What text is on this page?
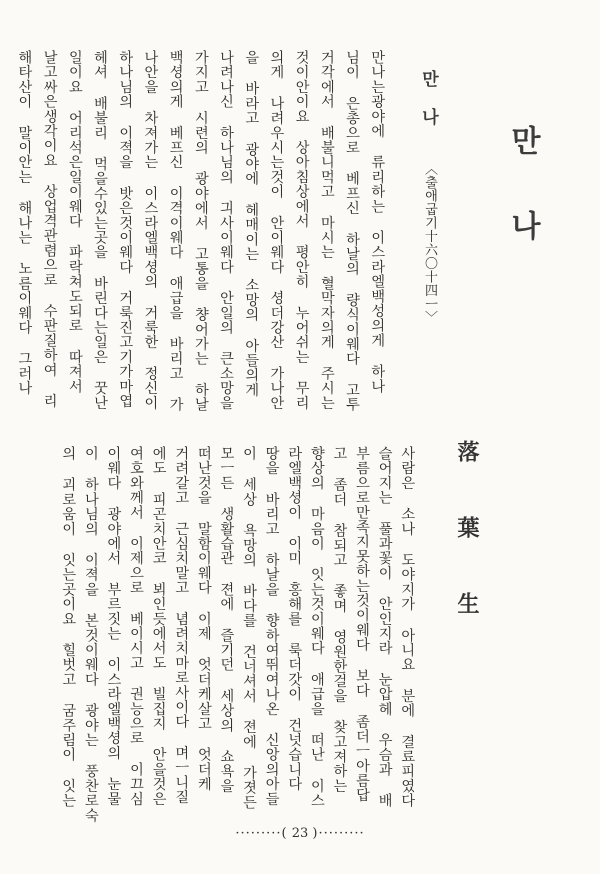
만 나
만 나
〈출애굽기十六〇十四ㅡ〉
落 葉 生
만나는광야에 류리하는 이스라엘백성의게 하나
님이 은총으로 베프신 하날의 량식이웨다 고투
거각에서 배불니먹고 마시는 혈막자의게 주시는
것이안이요 상아침상에서 평안히 누어쉬는 무리
의게 나려우시는것이 안이웨다 셩더강산 가나안
을 바라고 광야에 헤매이는 소망의 아들의게
나려나신 하나님의 긔사이웨다 안일의 큰소망을
가지고 시련의 광야에서 고통을 챵어가는 하날
백셩의게 베프신 이격이웨다 애급을 바리고 가
나안을 차져가는 이스라엘백셩의 거룩한 정신이
하나님의 이젹을 밧은것이웨다 거룩진고기가마엽
헤셔 배불리 먹을수있는곳을 바린다는일은 꿋난
일이요 어리석은일이웨다 파락쳐도되로 따져서
날고싸은생각이요 상업격관렴으로 수판질하여 리
해타산이 말이안는 해나는 노름이웨다 그러나
사람은 소나 도야지가 아니요 분에 결료피였다
슬어지는 풀과꽃이 안인지라 눈압헤 우슴과 배
부름으로만족지못하는것이웨다 보다 좀더ㅡ아름답
고 좀더 참되고 좋며 영원한걸을 찾고져하는
향상의 마음이 잇는것이웨다 애급을 떠난 이스
라엘백셩이 이미 홍해를 룩더갓이 건넛습니다
땅을 바리고 하날을 향하여뛰여나온 신앙의아들
이 세상 욕망의 바다를 건너셔서 젼에 가졋든
모ㅡ든 생활습관 젼에 즐기던 세상의 쇼욕을
떠난것을 말함이웨다 이제 엇더케살고 엇더케
거려갈고 근심치말고 념려치마로사이다 며ㅡ니질
에도 피곤치안코 뵈인듯에서도 빌집지 안을것은
여호와께서 이제으로 베이시고 권능으로 이끄심
이웨다 광야에서 부르짓는 이스라엘백셩의 눈물
이 하나님의 이젹을 본것이웨다 광야는 풍찬로숙
의 괴로움이 잇는곳이요 힐벗고 굼주림이 잇는
·········( 23 )·········
